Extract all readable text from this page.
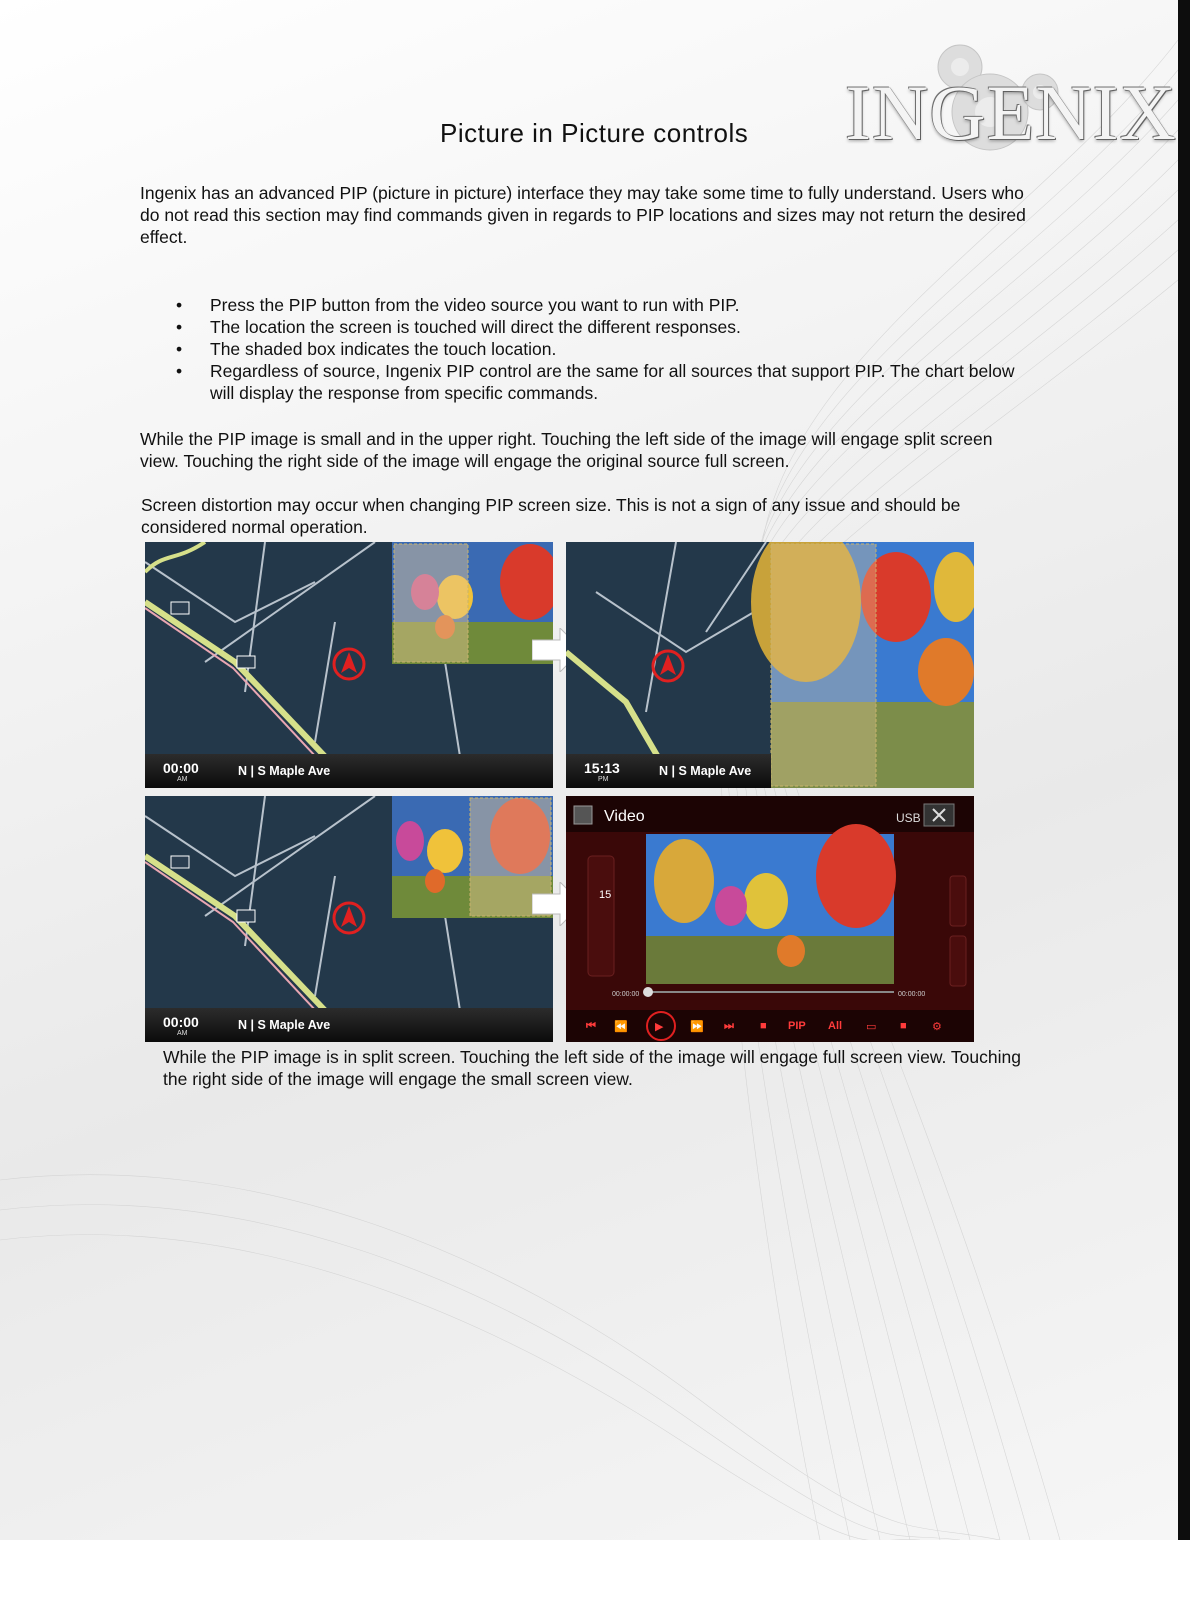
INGENIX
Picture in Picture controls
Ingenix has an advanced PIP (picture in picture) interface they may take some time to fully understand. Users who do not read this section may find commands given in regards to PIP locations and sizes may not return the desired effect.
• Press the PIP button from the video source you want to run with PIP.
• The location the screen is touched will direct the different responses.
• The shaded box indicates the touch location.
• Regardless of source, Ingenix PIP control are the same for all sources that support PIP. The chart below will display the response from specific commands.
While the PIP image is small and in the upper right. Touching the left side of the image will engage split screen view. Touching the right side of the image will engage the original source full screen.
Screen distortion may occur when changing PIP screen size. This is not a sign of any issue and should be considered normal operation.
00:00
AM
N | S Maple Ave	15:13
PM
N | S Maple Ave
00:00
AM
N | S Maple Ave
Video	USB
15
00:00:00	00:00:00
⏮ ⏪ ▶ ⏩ ⏭ ■ PIP All ▭ ■ ⚙
While the PIP image is in split screen. Touching the left side of the image will engage full screen view. Touching the right side of the image will engage the small screen view.
